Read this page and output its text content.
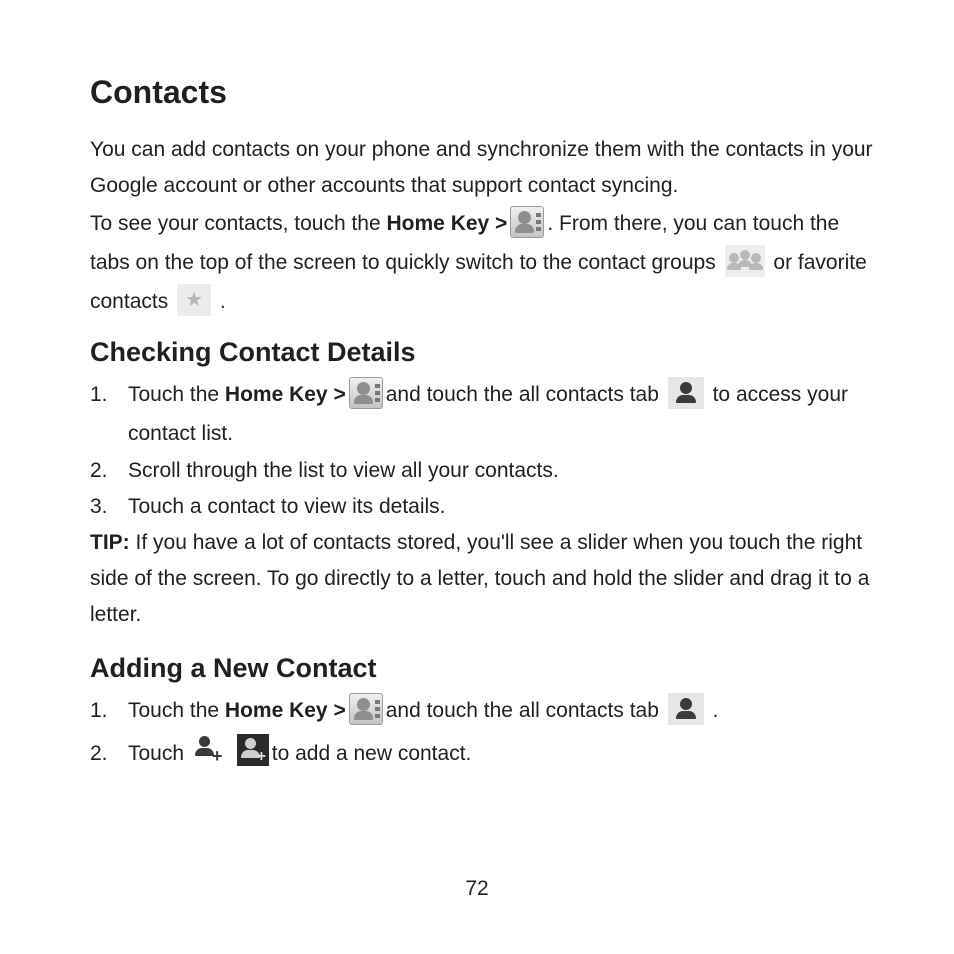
Contacts

You can add contacts on your phone and synchronize them with the contacts in your Google account or other accounts that support contact syncing.

To see your contacts, touch the Home Key > . From there, you can touch the tabs on the top of the screen to quickly switch to the contact groups	or favorite contacts ★ .

Checking Contact Details
1. Touch the Home Key > and touch the all contacts tab	to access your contact list.
2. Scroll through the list to view all your contacts.
3. Touch a contact to view its details.

TIP: If you have a lot of contacts stored, you'll see a slider when you touch the right side of the screen. To go directly to a letter, touch and hold the slider and drag it to a letter.

Adding a New Contact
1. Touch the Home Key > and touch the all contacts tab	.
2. Touch +
+ to add a new contact.
72
